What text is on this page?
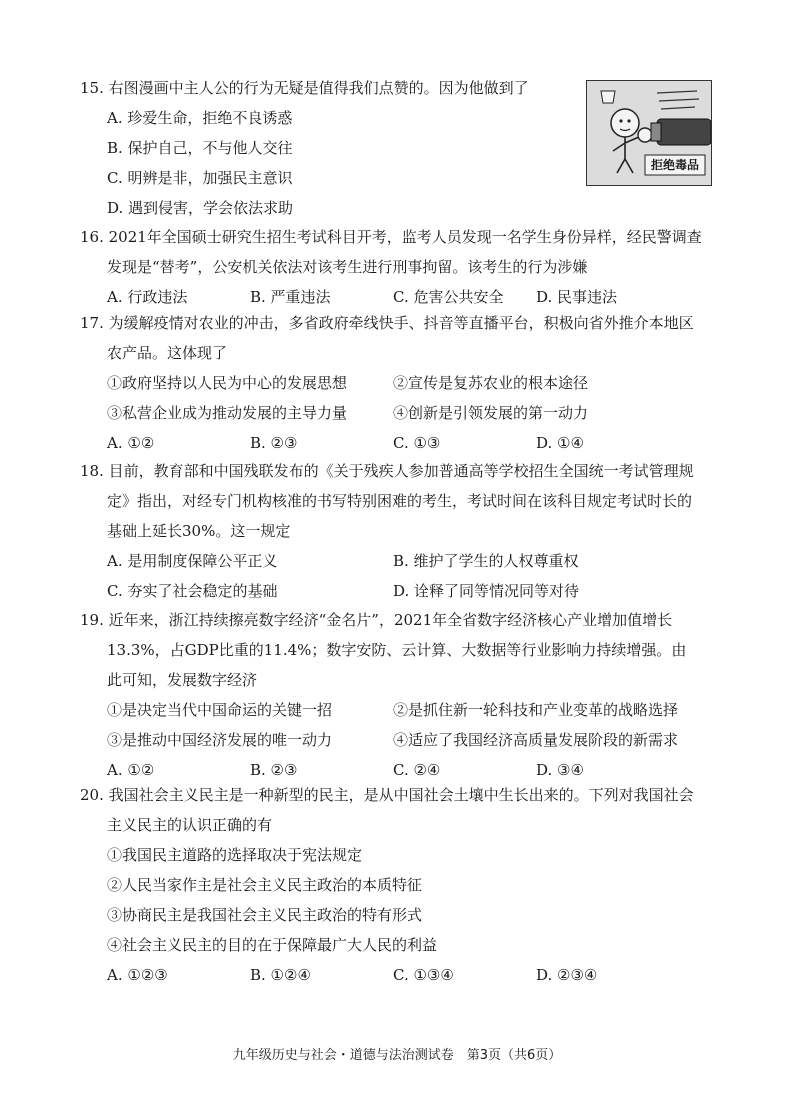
15. 右图漫画中主人公的行为无疑是值得我们点赞的。因为他做到了
A. 珍爱生命，拒绝不良诱惑
B. 保护自己，不与他人交往
C. 明辨是非，加强民主意识
D. 遇到侵害，学会依法求助
拒绝毒品
16. 2021年全国硕士研究生招生考试科目开考，监考人员发现一名学生身份异样，经民警调查
发现是“替考”，公安机关依法对该考生进行刑事拘留。该考生的行为涉嫌
A. 行政违法	B. 严重违法	C. 危害公共安全	D. 民事违法
17. 为缓解疫情对农业的冲击，多省政府牵线快手、抖音等直播平台，积极向省外推介本地区
农产品。这体现了
①政府坚持以人民为中心的发展思想	②宣传是复苏农业的根本途径
③私营企业成为推动发展的主导力量	④创新是引领发展的第一动力
A. ①②	B. ②③	C. ①③	D. ①④
18. 目前，教育部和中国残联发布的《关于残疾人参加普通高等学校招生全国统一考试管理规
定》指出，对经专门机构核准的书写特别困难的考生，考试时间在该科目规定考试时长的
基础上延长30%。这一规定
A. 是用制度保障公平正义	B. 维护了学生的人权尊重权
C. 夯实了社会稳定的基础	D. 诠释了同等情况同等对待
19. 近年来，浙江持续擦亮数字经济“金名片”，2021年全省数字经济核心产业增加值增长
13.3%，占GDP比重的11.4%；数字安防、云计算、大数据等行业影响力持续增强。由
此可知，发展数字经济
①是决定当代中国命运的关键一招	②是抓住新一轮科技和产业变革的战略选择
③是推动中国经济发展的唯一动力	④适应了我国经济高质量发展阶段的新需求
A. ①②	B. ②③	C. ②④	D. ③④
20. 我国社会主义民主是一种新型的民主，是从中国社会土壤中生长出来的。下列对我国社会
主义民主的认识正确的有
①我国民主道路的选择取决于宪法规定
②人民当家作主是社会主义民主政治的本质特征
③协商民主是我国社会主义民主政治的特有形式
④社会主义民主的目的在于保障最广大人民的利益
A. ①②③	B. ①②④	C. ①③④	D. ②③④
九年级历史与社会・道德与法治测试卷　第3页（共6页）
